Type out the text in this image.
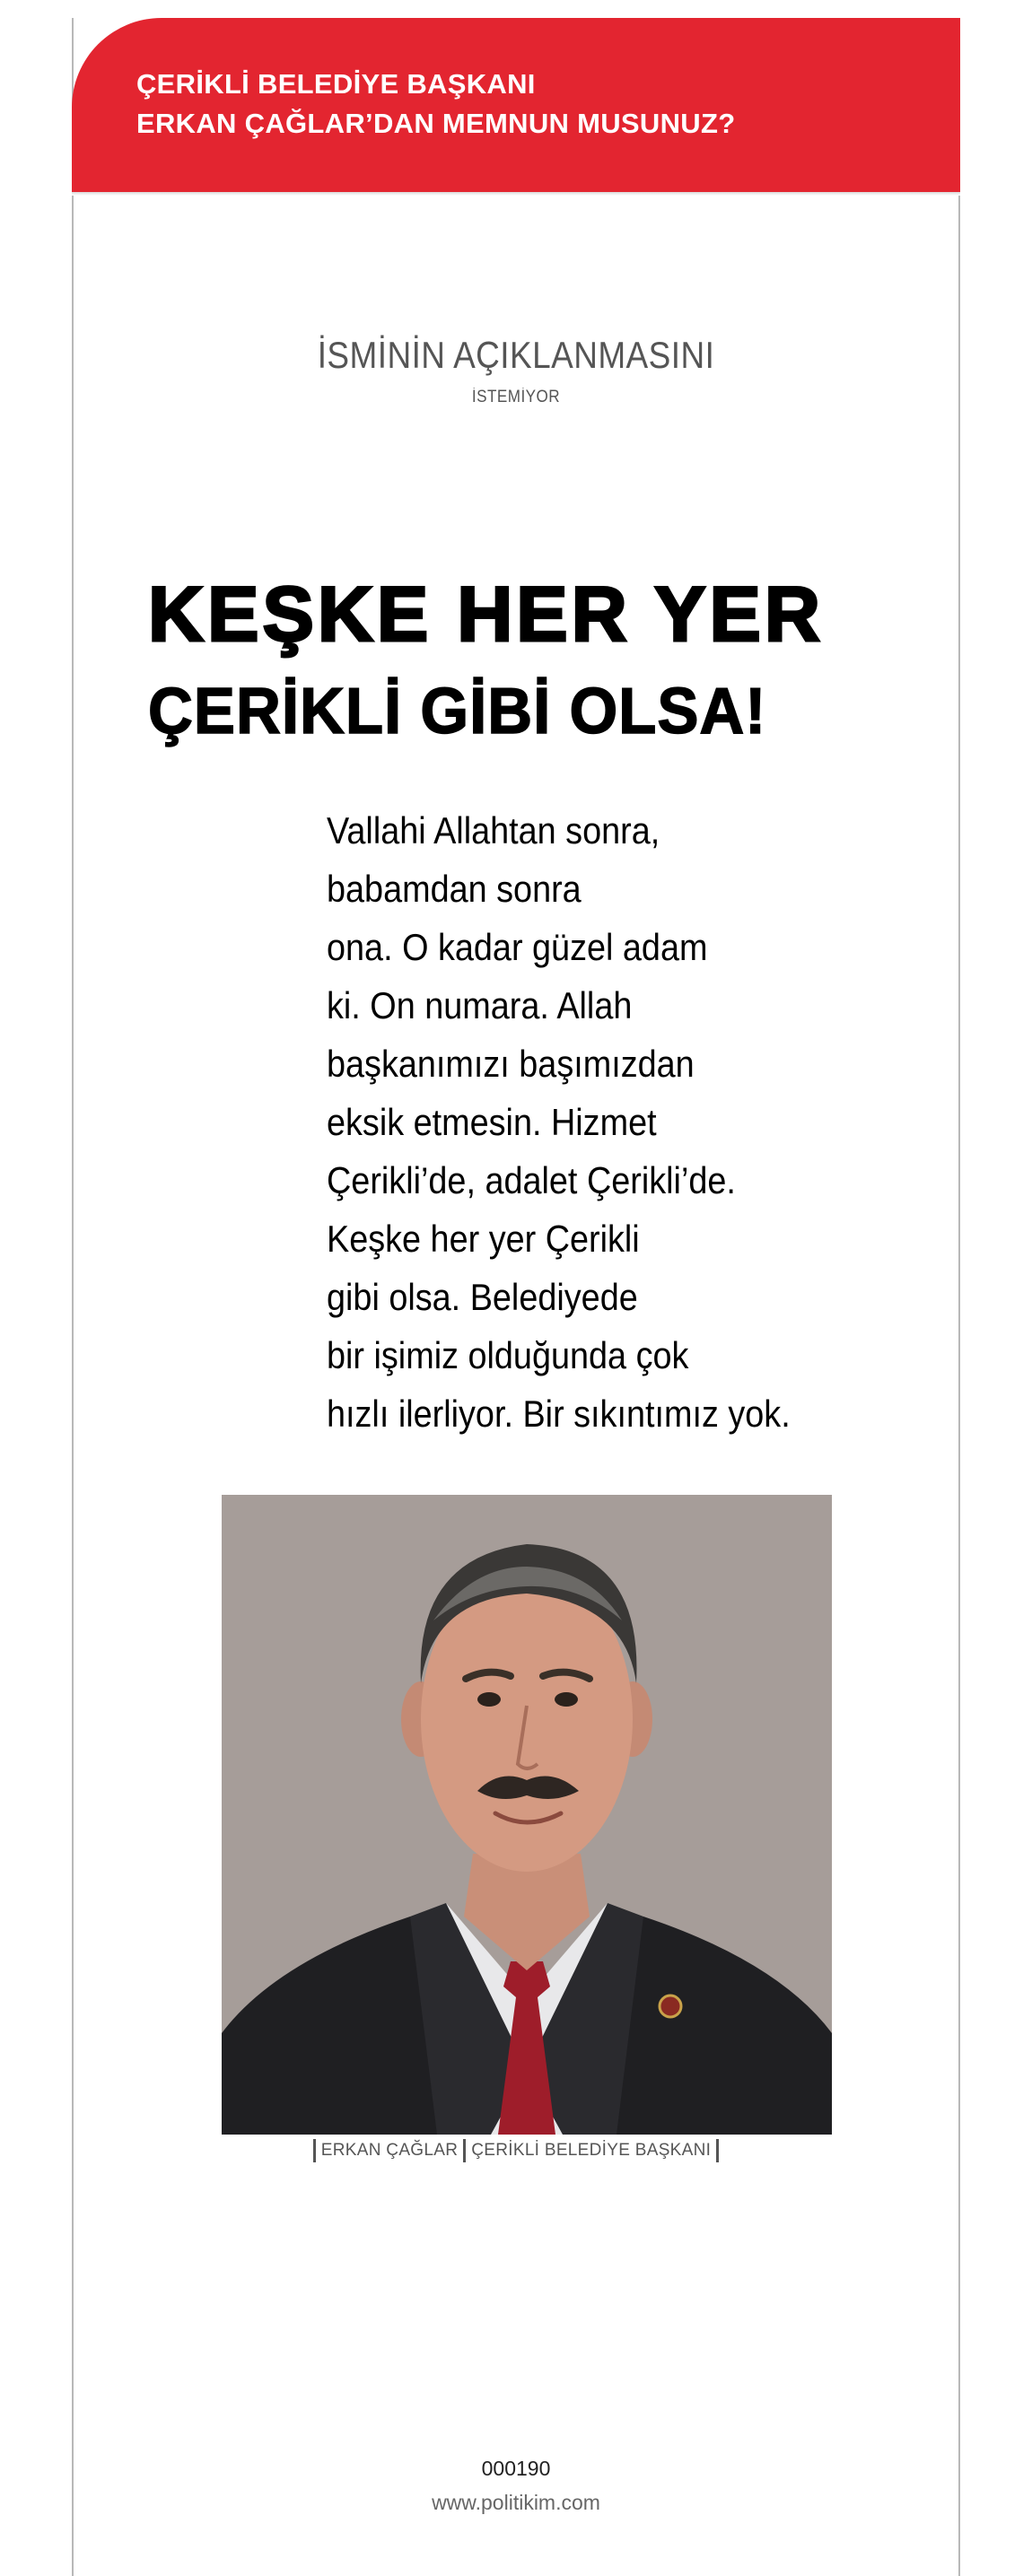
ÇERİKLİ BELEDİYE BAŞKANI
ERKAN ÇAĞLAR’DAN MEMNUN MUSUNUZ?
İSMİNİN AÇIKLANMASINI
İSTEMİYOR
KEŞKE HER YER
ÇERİKLİ GİBİ OLSA!
Vallahi Allahtan sonra,
babamdan sonra
ona. O kadar güzel adam
ki. On numara. Allah
başkanımızı başımızdan
eksik etmesin. Hizmet
Çerikli’de, adalet Çerikli’de.
Keşke her yer Çerikli
gibi olsa. Belediyede
bir işimiz olduğunda çok
hızlı ilerliyor. Bir sıkıntımız yok.
ERKAN ÇAĞLAR ÇERİKLİ BELEDİYE BAŞKANI
000190
www.politikim.com
